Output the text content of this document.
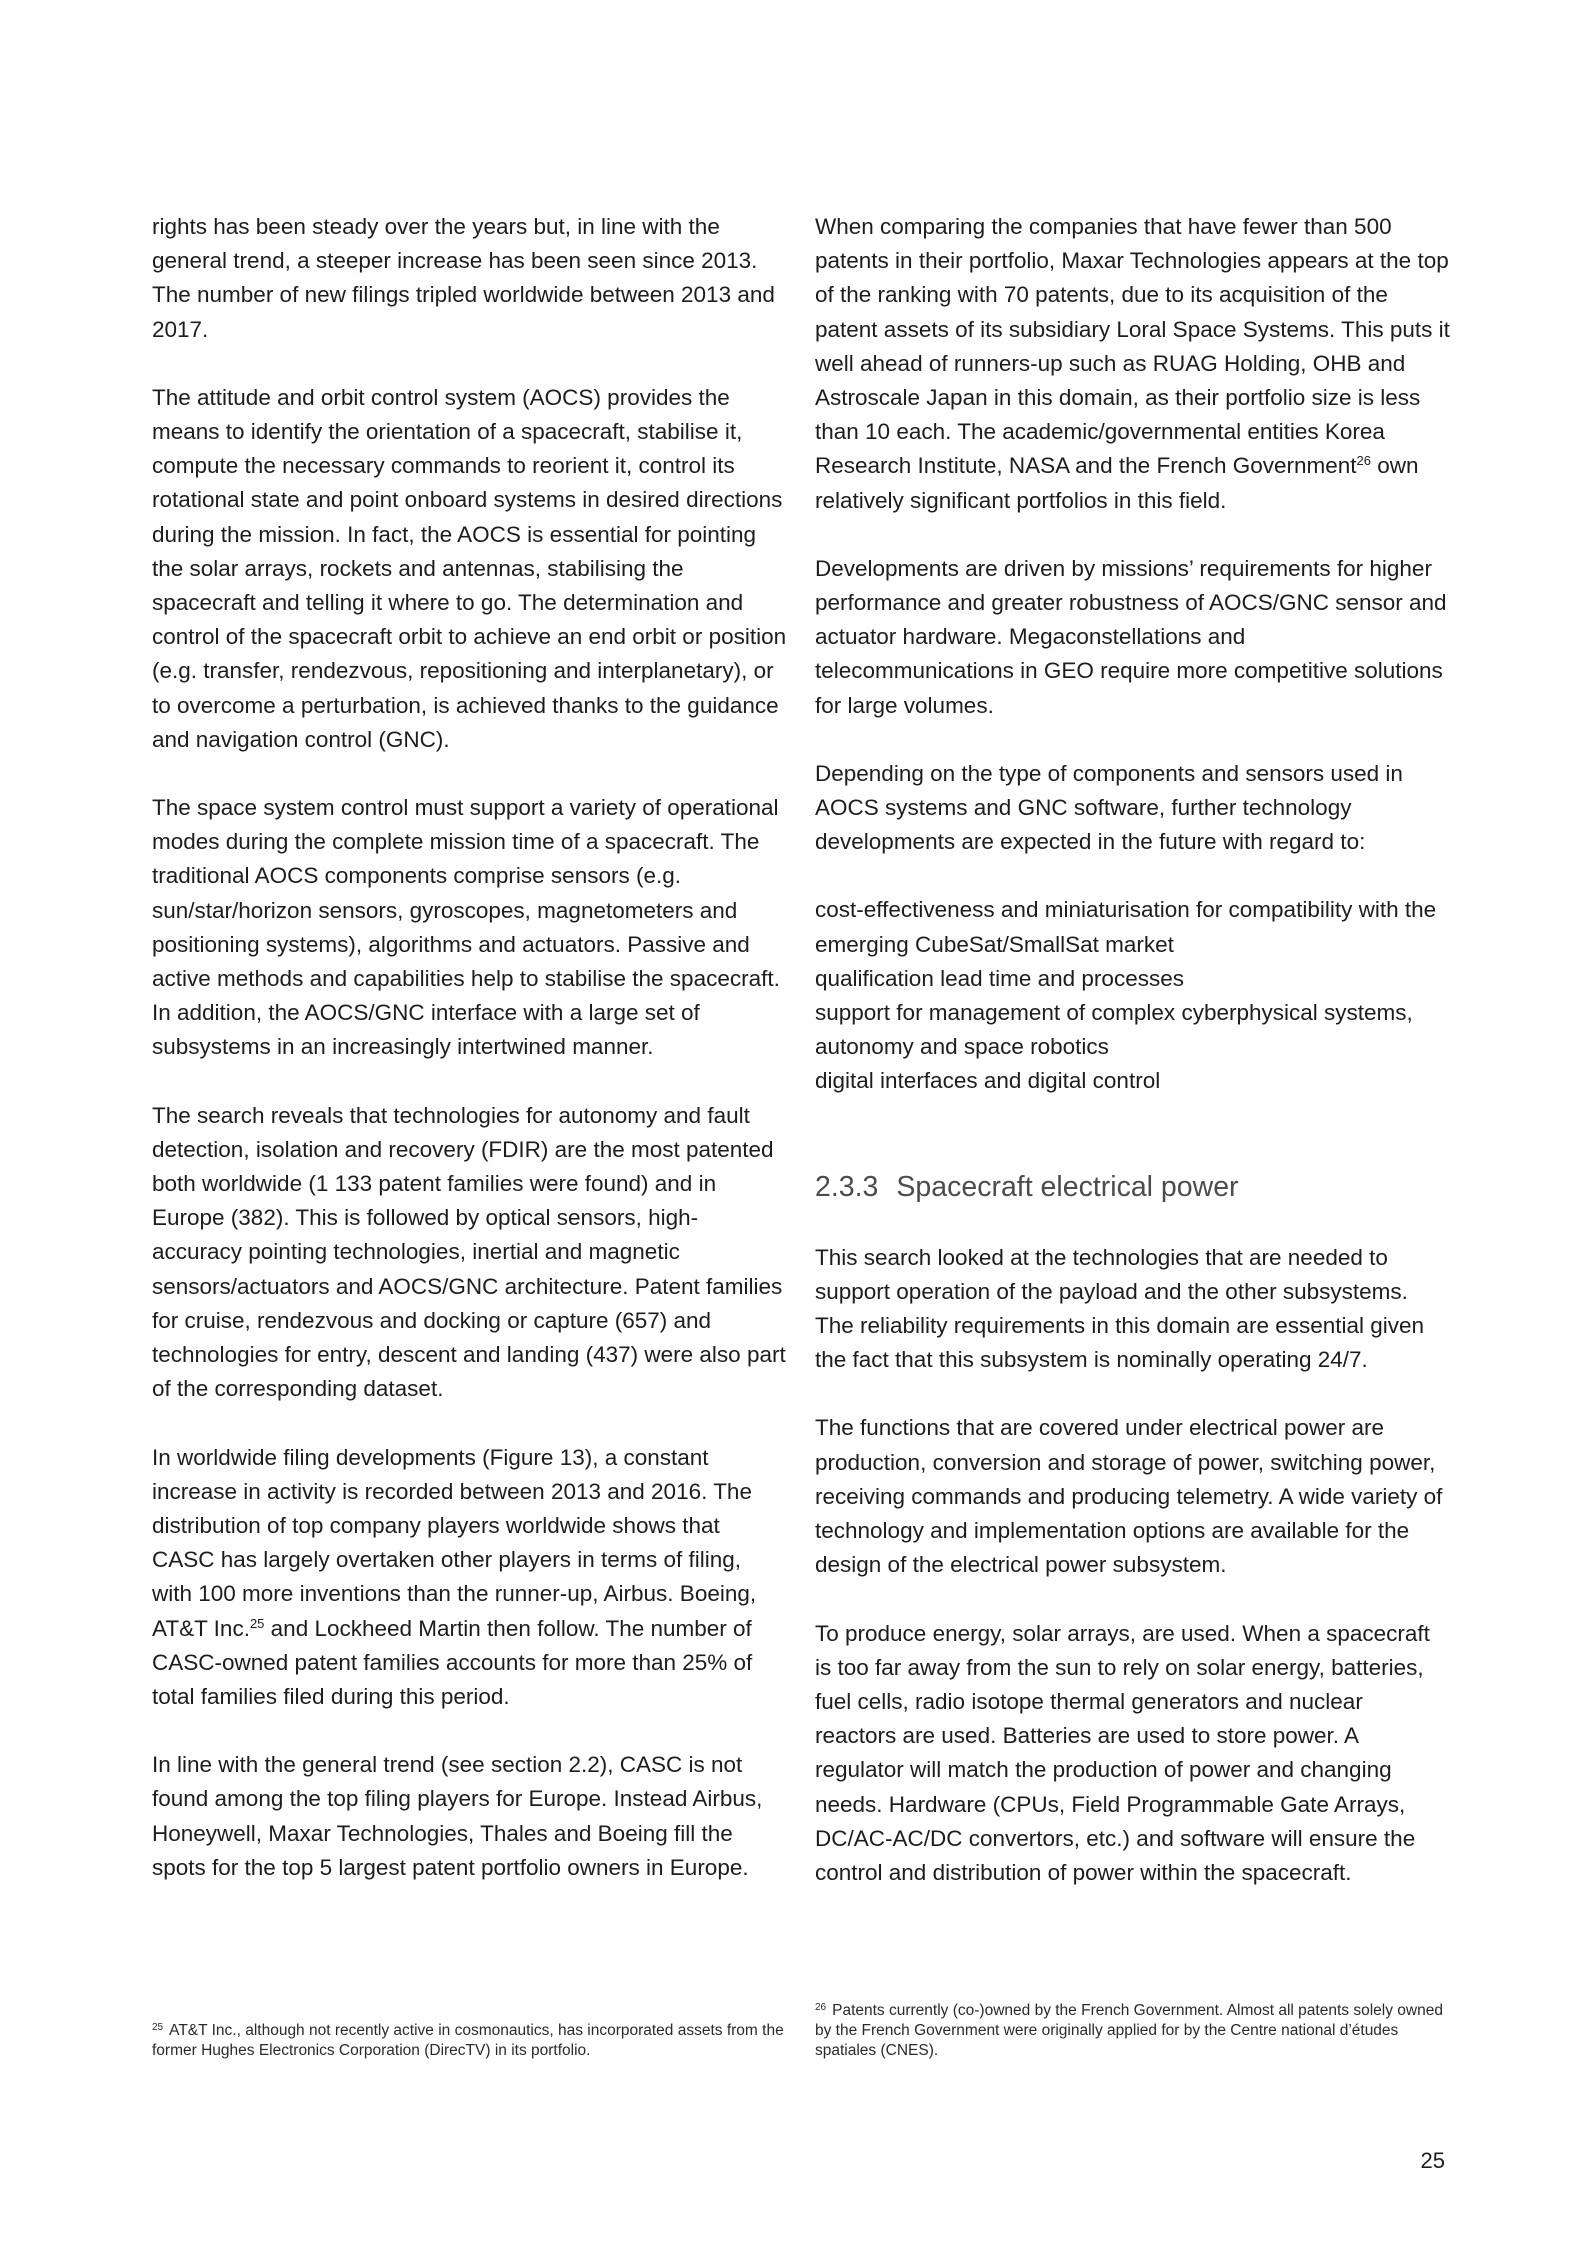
rights has been steady over the years but, in line with the general trend, a steeper increase has been seen since 2013. The number of new filings tripled worldwide between 2013 and 2017.

The attitude and orbit control system (AOCS) provides the means to identify the orientation of a spacecraft, stabilise it, compute the necessary commands to reorient it, control its rotational state and point onboard systems in desired directions during the mission. In fact, the AOCS is essential for pointing the solar arrays, rockets and antennas, stabilising the spacecraft and telling it where to go. The determination and control of the spacecraft orbit to achieve an end orbit or position (e.g. transfer, rendezvous, repositioning and interplanetary), or to overcome a perturbation, is achieved thanks to the guidance and navigation control (GNC).

The space system control must support a variety of operational modes during the complete mission time of a spacecraft. The traditional AOCS components comprise sensors (e.g. sun/star/horizon sensors, gyroscopes, magnetometers and positioning systems), algorithms and actuators. Passive and active methods and capabilities help to stabilise the spacecraft. In addition, the AOCS/GNC interface with a large set of subsystems in an increasingly intertwined manner.

The search reveals that technologies for autonomy and fault detection, isolation and recovery (FDIR) are the most patented both worldwide (1 133 patent families were found) and in Europe (382). This is followed by optical sensors, high-accuracy pointing technologies, inertial and magnetic sensors/actuators and AOCS/GNC architecture. Patent families for cruise, rendezvous and docking or capture (657) and technologies for entry, descent and landing (437) were also part of the corresponding dataset.

In worldwide filing developments (Figure 13), a constant increase in activity is recorded between 2013 and 2016. The distribution of top company players worldwide shows that CASC has largely overtaken other players in terms of filing, with 100 more inventions than the runner-up, Airbus. Boeing, AT&T Inc.$^{25}$ and Lockheed Martin then follow. The number of CASC-owned patent families accounts for more than 25% of total families filed during this period.

In line with the general trend (see section 2.2), CASC is not found among the top filing players for Europe. Instead Airbus, Honeywell, Maxar Technologies, Thales and Boeing fill the spots for the top 5 largest patent portfolio owners in Europe.

When comparing the companies that have fewer than 500 patents in their portfolio, Maxar Technologies appears at the top of the ranking with 70 patents, due to its acquisition of the patent assets of its subsidiary Loral Space Systems. This puts it well ahead of runners-up such as RUAG Holding, OHB and Astroscale Japan in this domain, as their portfolio size is less than 10 each. The academic/governmental entities Korea Research Institute, NASA and the French Government$^{26}$ own relatively significant portfolios in this field.

Developments are driven by missions’ requirements for higher performance and greater robustness of AOCS/GNC sensor and actuator hardware. Megaconstellations and telecommunications in GEO require more competitive solutions for large volumes.

Depending on the type of components and sensors used in AOCS systems and GNC software, further technology developments are expected in the future with regard to:

cost-effectiveness and miniaturisation for compatibility with the emerging CubeSat/SmallSat market
qualification lead time and processes
support for management of complex cyberphysical systems, autonomy and space robotics
digital interfaces and digital control
2.3.3 Spacecraft electrical power

This search looked at the technologies that are needed to support operation of the payload and the other subsystems. The reliability requirements in this domain are essential given the fact that this subsystem is nominally operating 24/7.

The functions that are covered under electrical power are production, conversion and storage of power, switching power, receiving commands and producing telemetry. A wide variety of technology and implementation options are available for the design of the electrical power subsystem.

To produce energy, solar arrays, are used. When a spacecraft is too far away from the sun to rely on solar energy, batteries, fuel cells, radio isotope thermal generators and nuclear reactors are used. Batteries are used to store power. A regulator will match the production of power and changing needs. Hardware (CPUs, Field Programmable Gate Arrays, DC/AC-AC/DC convertors, etc.) and software will ensure the control and distribution of power within the spacecraft.

$^{25}$ AT&T Inc., although not recently active in cosmonautics, has incorporated assets from the former Hughes Electronics Corporation (DirecTV) in its portfolio.
$^{26}$ Patents currently (co-)owned by the French Government. Almost all patents solely owned by the French Government were originally applied for by the Centre national d’études spatiales (CNES).
25
